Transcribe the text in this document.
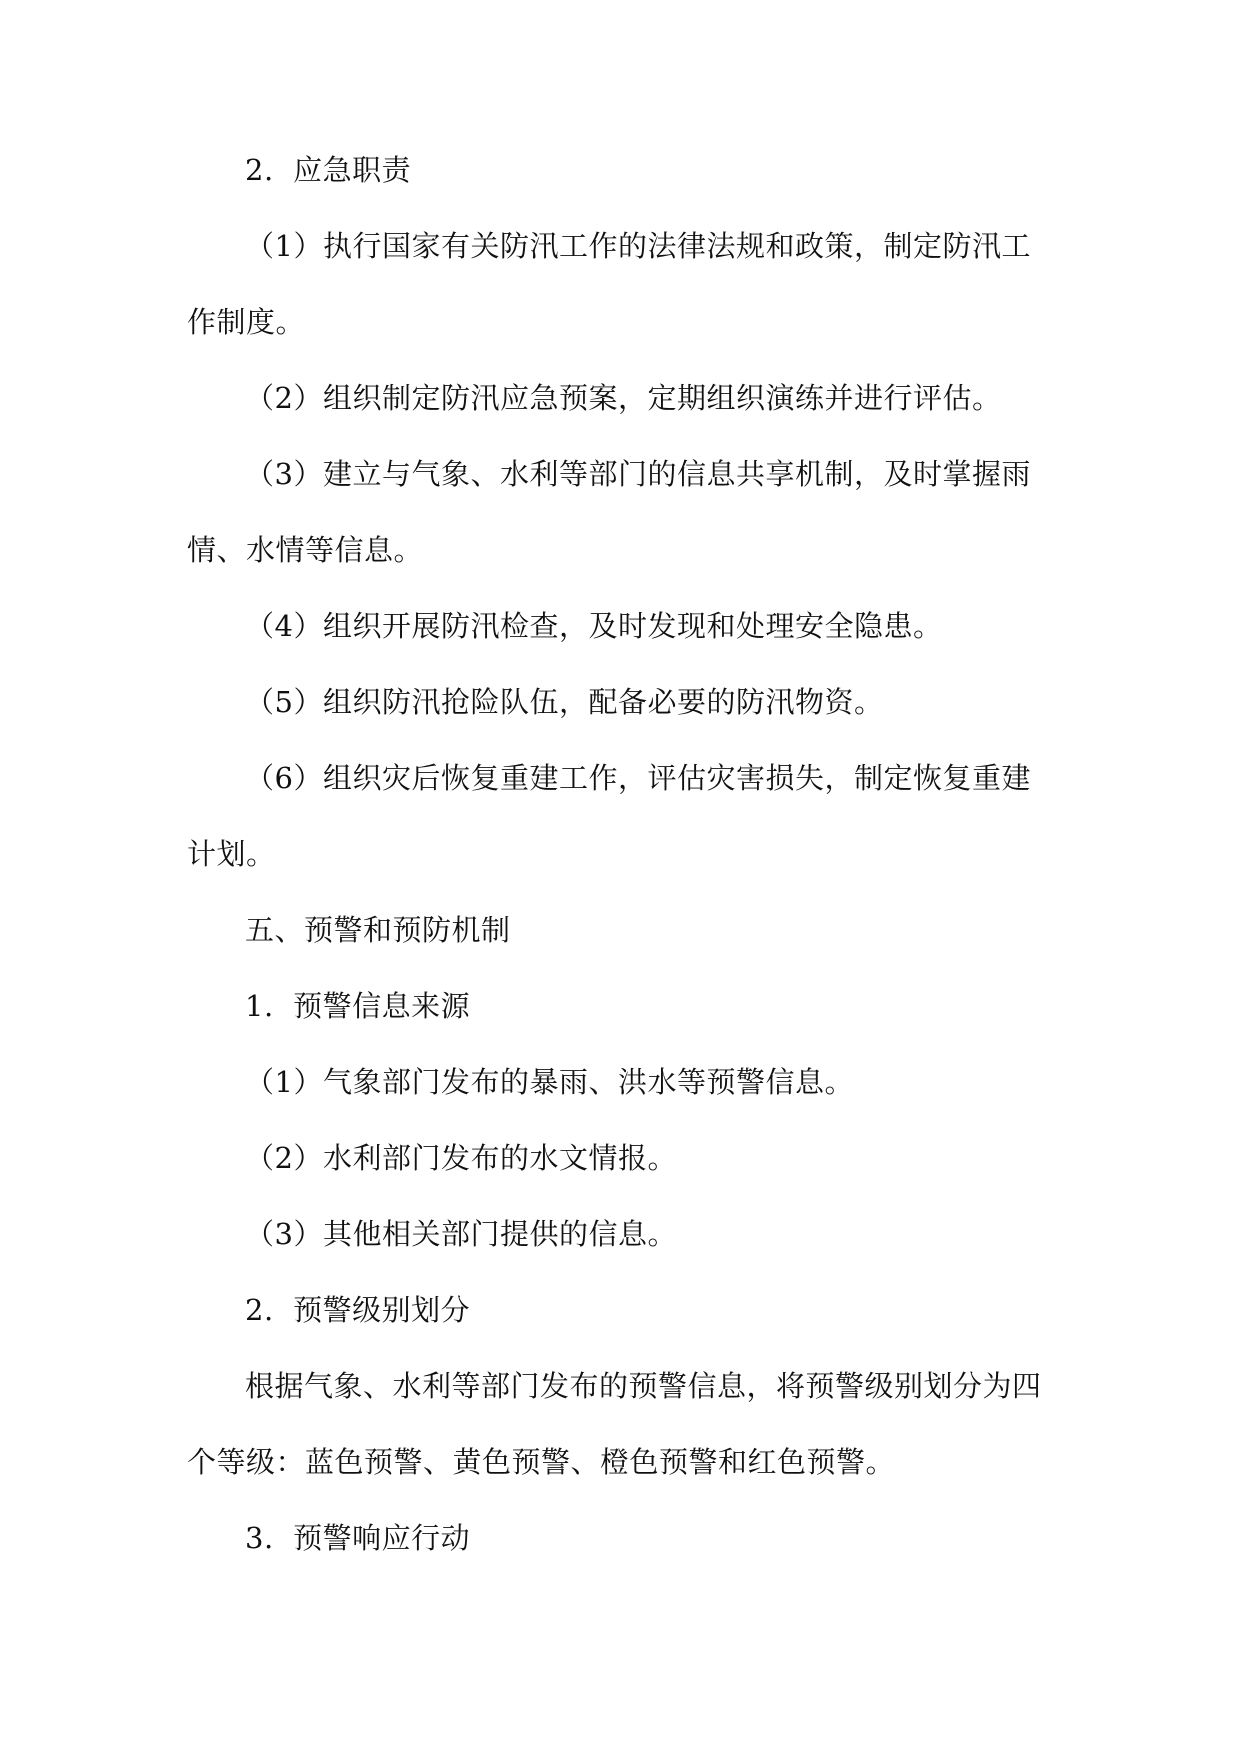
2.  应急职责

（1）执行国家有关防汛工作的法律法规和政策，制定防汛工作制度。

（2）组织制定防汛应急预案，定期组织演练并进行评估。

（3）建立与气象、水利等部门的信息共享机制，及时掌握雨情、水情等信息。

（4）组织开展防汛检查，及时发现和处理安全隐患。

（5）组织防汛抢险队伍，配备必要的防汛物资。

（6）组织灾后恢复重建工作，评估灾害损失，制定恢复重建计划。

五、预警和预防机制

1.  预警信息来源

（1）气象部门发布的暴雨、洪水等预警信息。

（2）水利部门发布的水文情报。

（3）其他相关部门提供的信息。

2.  预警级别划分

根据气象、水利等部门发布的预警信息，将预警级别划分为四个等级：蓝色预警、黄色预警、橙色预警和红色预警。

3.  预警响应行动
